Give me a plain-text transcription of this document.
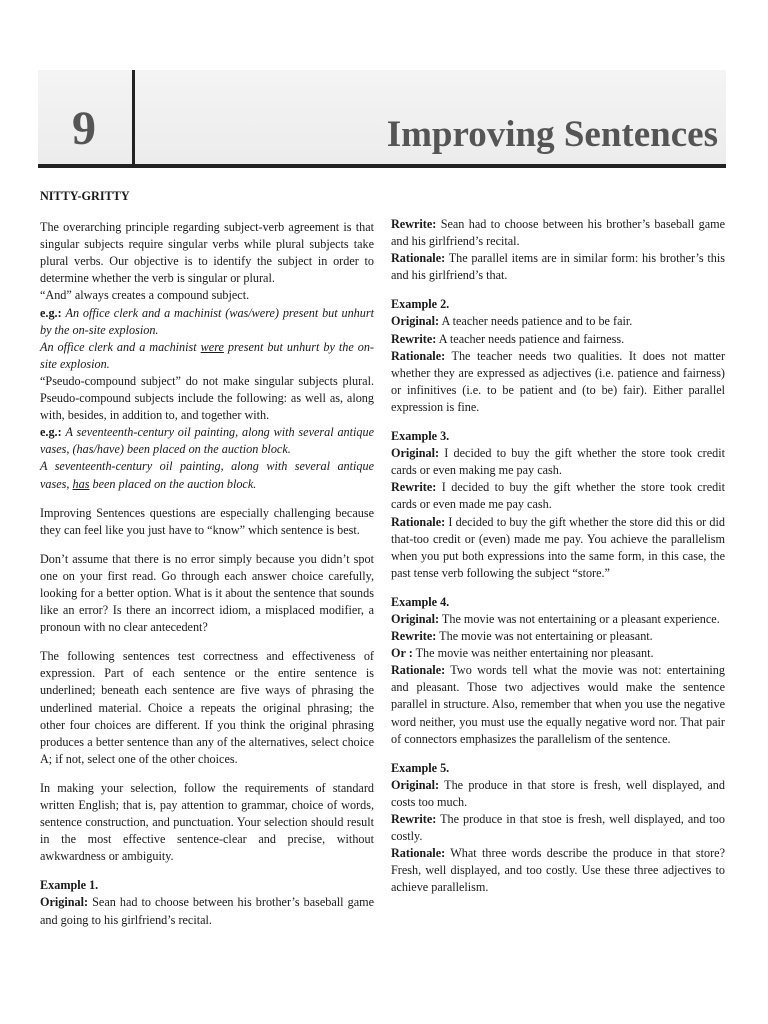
9	Improving Sentences

NITTY-GRITTY

The overarching principle regarding subject-verb agreement is that singular subjects require singular verbs while plural subjects take plural verbs. Our objective is to identify the subject in order to determine whether the verb is singular or plural.

“And” always creates a compound subject.

e.g.: An office clerk and a machinist (was/were) present but unhurt by the on-site explosion.

An office clerk and a machinist were present but unhurt by the on-site explosion.

“Pseudo-compound subject” do not make singular subjects plural. Pseudo-compound subjects include the following: as well as, along with, besides, in addition to, and together with.

e.g.: A seventeenth-century oil painting, along with several antique vases, (has/have) been placed on the auction block.

A seventeenth-century oil painting, along with several antique vases, has been placed on the auction block.

Improving Sentences questions are especially challenging because they can feel like you just have to “know” which sentence is best.

Don’t assume that there is no error simply because you didn’t spot one on your first read. Go through each answer choice carefully, looking for a better option. What is it about the sentence that sounds like an error? Is there an incorrect idiom, a misplaced modifier, a pronoun with no clear antecedent?

The following sentences test correctness and effectiveness of expression. Part of each sentence or the entire sentence is underlined; beneath each sentence are five ways of phrasing the underlined material. Choice a repeats the original phrasing; the other four choices are different. If you think the original phrasing produces a better sentence than any of the alternatives, select choice A; if not, select one of the other choices.

In making your selection, follow the requirements of standard written English; that is, pay attention to grammar, choice of words, sentence construction, and punctuation. Your selection should result in the most effective sentence-clear and precise, without awkwardness or ambiguity.

Example 1.

Original: Sean had to choose between his brother’s baseball game and going to his girlfriend’s recital.

Rewrite: Sean had to choose between his brother’s baseball game and his girlfriend’s recital.

Rationale: The parallel items are in similar form: his brother’s this and his girlfriend’s that.

Example 2.

Original: A teacher needs patience and to be fair.

Rewrite: A teacher needs patience and fairness.

Rationale: The teacher needs two qualities. It does not matter whether they are expressed as adjectives (i.e. patience and fairness) or infinitives (i.e. to be patient and (to be) fair). Either parallel expression is fine.

Example 3.

Original: I decided to buy the gift whether the store took credit cards or even making me pay cash.

Rewrite: I decided to buy the gift whether the store took credit cards or even made me pay cash.

Rationale: I decided to buy the gift whether the store did this or did that-too credit or (even) made me pay. You achieve the parallelism when you put both expressions into the same form, in this case, the past tense verb following the subject “store.”

Example 4.

Original: The movie was not entertaining or a pleasant experience.

Rewrite: The movie was not entertaining or pleasant.

Or : The movie was neither entertaining nor pleasant.

Rationale: Two words tell what the movie was not: entertaining and pleasant. Those two adjectives would make the sentence parallel in structure. Also, remember that when you use the negative word neither, you must use the equally negative word nor. That pair of connectors emphasizes the parallelism of the sentence.

Example 5.

Original: The produce in that store is fresh, well displayed, and costs too much.

Rewrite: The produce in that stoe is fresh, well displayed, and too costly.

Rationale: What three words describe the produce in that store? Fresh, well displayed, and too costly. Use these three adjectives to achieve parallelism.
